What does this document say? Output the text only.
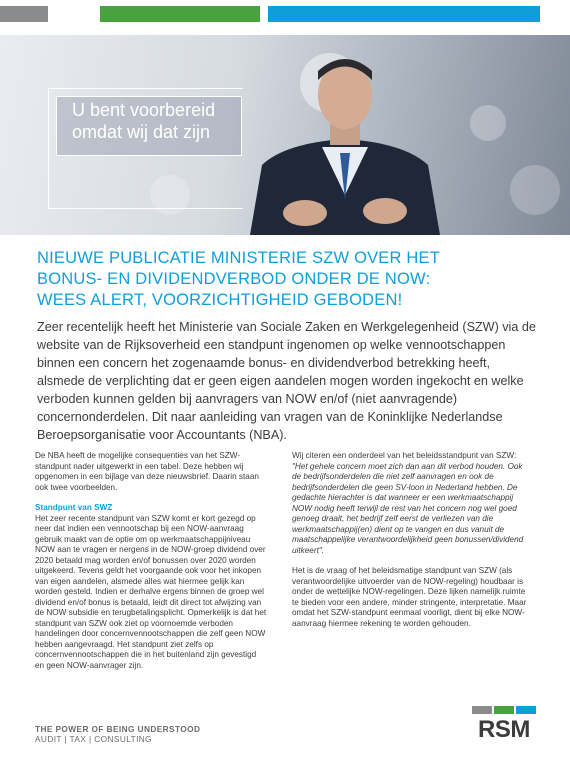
U bent voorbereid
omdat wij dat zijn
NIEUWE PUBLICATIE MINISTERIE SZW OVER HET
BONUS- EN DIVIDENDVERBOD ONDER DE NOW:
WEES ALERT, VOORZICHTIGHEID GEBODEN!

Zeer recentelijk heeft het Ministerie van Sociale Zaken en Werkgelegenheid (SZW) via de website van de Rijksoverheid een standpunt ingenomen op welke vennootschappen binnen een concern het zogenaamde bonus- en dividendverbod betrekking heeft, alsmede de verplichting dat er geen eigen aandelen mogen worden ingekocht en welke verboden kunnen gelden bij aanvragers van NOW en/of (niet aanvragende) concernonderdelen. Dit naar aanleiding van vragen van de Koninklijke Nederlandse Beroepsorganisatie voor Accountants (NBA).

De NBA heeft de mogelijke consequenties van het SZW-standpunt nader uitgewerkt in een tabel. Deze hebben wij opgenomen in een bijlage van deze nieuwsbrief. Daarin staan ook twee voorbeelden.

Standpunt van SWZ

Het zeer recente standpunt van SZW komt er kort gezegd op neer dat indien een vennootschap bij een NOW-aanvraag gebruik maakt van de optie om op werkmaatschappijniveau NOW aan te vragen er nergens in de NOW-groep dividend over 2020 betaald mag worden en/of bonussen over 2020 worden uitgekeerd. Tevens geldt het voorgaande ook voor het inkopen van eigen aandelen, alsmede alles wat hiermee gelijk kan worden gesteld. Indien er derhalve ergens binnen de groep wel dividend en/of bonus is betaald, leidt dit direct tot afwijzing van de NOW subsidie en terugbetalingsplicht. Opmerkelijk is dat het standpunt van SZW ook ziet op voornoemde verboden handelingen door concernvennootschappen die zelf geen NOW hebben aangevraagd. Het standpunt ziet zelfs op concernvennootschappen die in het buitenland zijn gevestigd en geen NOW-aanvrager zijn.

Wij citeren een onderdeel van het beleidsstandpunt van SZW: "Het gehele concern moet zich dan aan dit verbod houden. Ook de bedrijfsonderdelen die niet zelf aanvragen en ook de bedrijfsonderdelen die geen SV-loon in Nederland hebben. De gedachte hierachter is dat wanneer er een werkmaatschappij NOW nodig heeft terwijl de rest van het concern nog wel goed genoeg draait, het bedrijf zelf eerst de verliezen van die werkmaatschappij(en) dient op te vangen en dus vanuit de maatschappelijke verantwoordelijkheid geen bonussen/dividend uitkeert".

Het is de vraag of het beleidsmatige standpunt van SZW (als verantwoordelijke uitvoerder van de NOW-regeling) houdbaar is onder de wettelijke NOW-regelingen. Deze lijken namelijk ruimte te bieden voor een andere, minder stringente, interpretatie. Maar omdat het SZW-standpunt eenmaal voorligt, dient bij elke NOW-aanvraag hiermee rekening te worden gehouden.

THE POWER OF BEING UNDERSTOOD
AUDIT | TAX | CONSULTING	RSM
